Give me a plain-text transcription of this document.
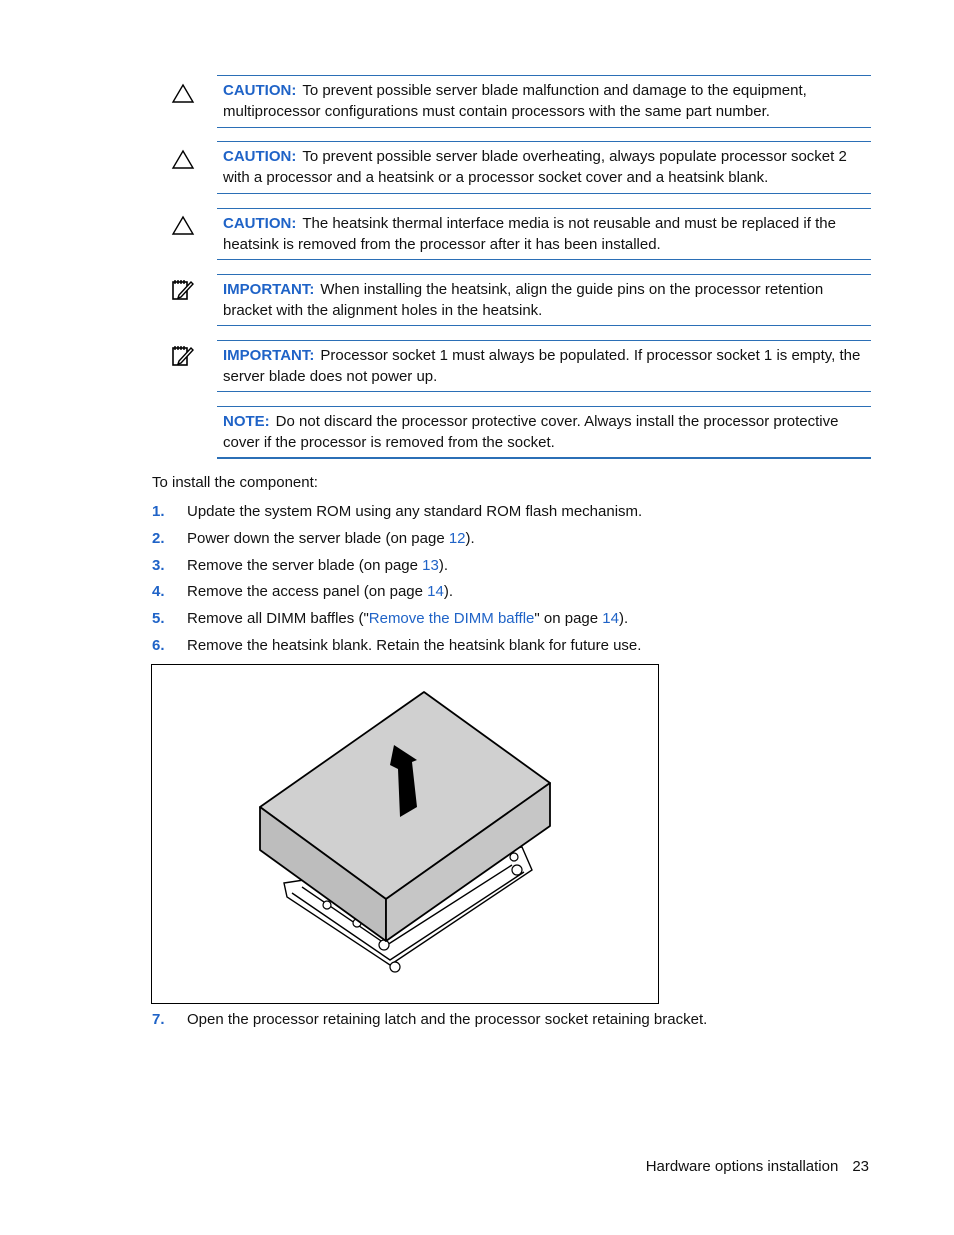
CAUTION: To prevent possible server blade malfunction and damage to the equipment, multiprocessor configurations must contain processors with the same part number.
CAUTION: To prevent possible server blade overheating, always populate processor socket 2 with a processor and a heatsink or a processor socket cover and a heatsink blank.
CAUTION: The heatsink thermal interface media is not reusable and must be replaced if the heatsink is removed from the processor after it has been installed.
IMPORTANT: When installing the heatsink, align the guide pins on the processor retention bracket with the alignment holes in the heatsink.
IMPORTANT: Processor socket 1 must always be populated. If processor socket 1 is empty, the server blade does not power up.
NOTE: Do not discard the processor protective cover. Always install the processor protective cover if the processor is removed from the socket.
To install the component:
1.	Update the system ROM using any standard ROM flash mechanism.
2.	Power down the server blade (on page 12).
3.	Remove the server blade (on page 13).
4.	Remove the access panel (on page 14).
5.	Remove all DIMM baffles ("Remove the DIMM baffle" on page 14).
6.	Remove the heatsink blank. Retain the heatsink blank for future use.
7.	Open the processor retaining latch and the processor socket retaining bracket.
Hardware options installation 23
